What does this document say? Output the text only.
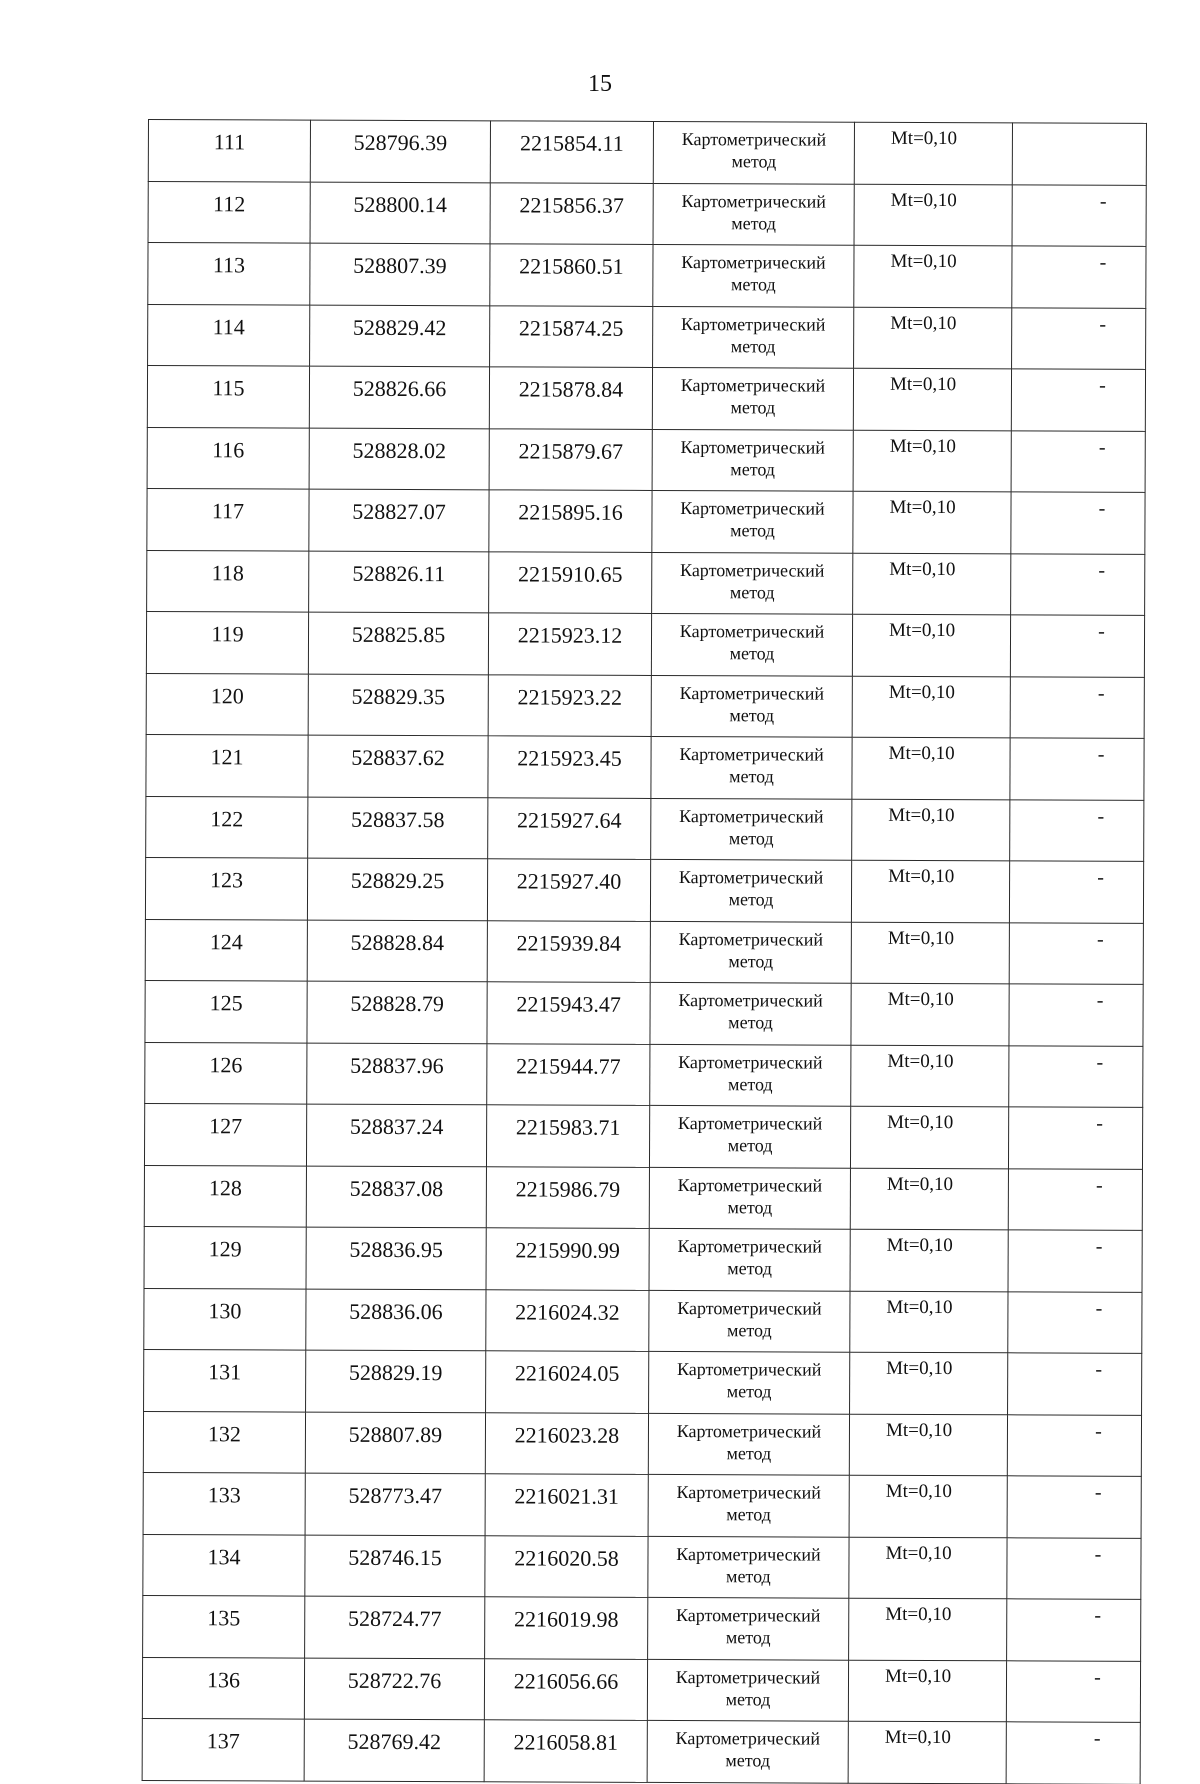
15
111	528796.39	2215854.11	Картометрический
метод	Mt=0,10	
112	528800.14	2215856.37	Картометрический
метод	Mt=0,10	-
113	528807.39	2215860.51	Картометрический
метод	Mt=0,10	-
114	528829.42	2215874.25	Картометрический
метод	Mt=0,10	-
115	528826.66	2215878.84	Картометрический
метод	Mt=0,10	-
116	528828.02	2215879.67	Картометрический
метод	Mt=0,10	-
117	528827.07	2215895.16	Картометрический
метод	Mt=0,10	-
118	528826.11	2215910.65	Картометрический
метод	Mt=0,10	-
119	528825.85	2215923.12	Картометрический
метод	Mt=0,10	-
120	528829.35	2215923.22	Картометрический
метод	Mt=0,10	-
121	528837.62	2215923.45	Картометрический
метод	Mt=0,10	-
122	528837.58	2215927.64	Картометрический
метод	Mt=0,10	-
123	528829.25	2215927.40	Картометрический
метод	Mt=0,10	-
124	528828.84	2215939.84	Картометрический
метод	Mt=0,10	-
125	528828.79	2215943.47	Картометрический
метод	Mt=0,10	-
126	528837.96	2215944.77	Картометрический
метод	Mt=0,10	-
127	528837.24	2215983.71	Картометрический
метод	Mt=0,10	-
128	528837.08	2215986.79	Картометрический
метод	Mt=0,10	-
129	528836.95	2215990.99	Картометрический
метод	Mt=0,10	-
130	528836.06	2216024.32	Картометрический
метод	Mt=0,10	-
131	528829.19	2216024.05	Картометрический
метод	Mt=0,10	-
132	528807.89	2216023.28	Картометрический
метод	Mt=0,10	-
133	528773.47	2216021.31	Картометрический
метод	Mt=0,10	-
134	528746.15	2216020.58	Картометрический
метод	Mt=0,10	-
135	528724.77	2216019.98	Картометрический
метод	Mt=0,10	-
136	528722.76	2216056.66	Картометрический
метод	Mt=0,10	-
137	528769.42	2216058.81	Картометрический
метод	Mt=0,10	-
